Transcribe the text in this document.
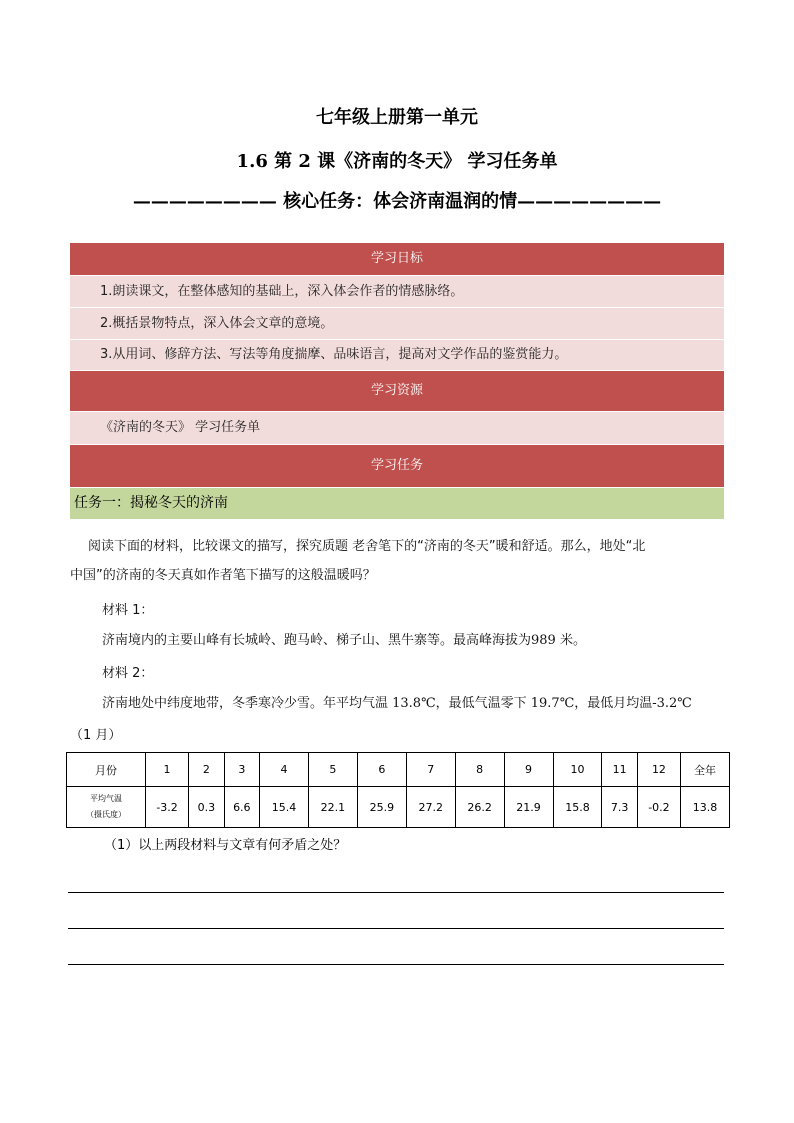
七年级上册第一单元
1.6 第 2 课《济南的冬天》 学习任务单
———————— 核心任务：体会济南温润的情————————
学习日标
1.朗读课文，在整体感知的基础上，深入体会作者的情感脉络。
2.概括景物特点，深入体会文章的意境。
3.从用词、修辞方法、写法等角度揣摩、品味语言，提高对文学作品的鉴赏能力。
学习资源
《济南的冬天》 学习任务单
学习任务
任务一：揭秘冬天的济南
阅读下面的材料，比较课文的描写，探究质题 老舍笔下的“济南的冬天”暖和舒适。那么，地处“北
中国”的济南的冬天真如作者笔下描写的这般温暖吗？
材料 1：
济南境内的主要山峰有长城岭、跑马岭、梯子山、黑牛寨等。最高峰海拔为989 米。
材料 2：
济南地处中纬度地带，冬季寒冷少雪。年平均气温 13.8℃，最低气温零下 19.7℃，最低月均温-3.2℃
（1 月）
月份	1	2	3	4	5	6	7	8	9	10	11	12	全年

平均气温
（摄氏度）	-3.2	0.3	6.6	15.4	22.1	25.9	27.2	26.2	21.9	15.8	7.3	-0.2	13.8
（1）以上两段材料与文章有何矛盾之处？
